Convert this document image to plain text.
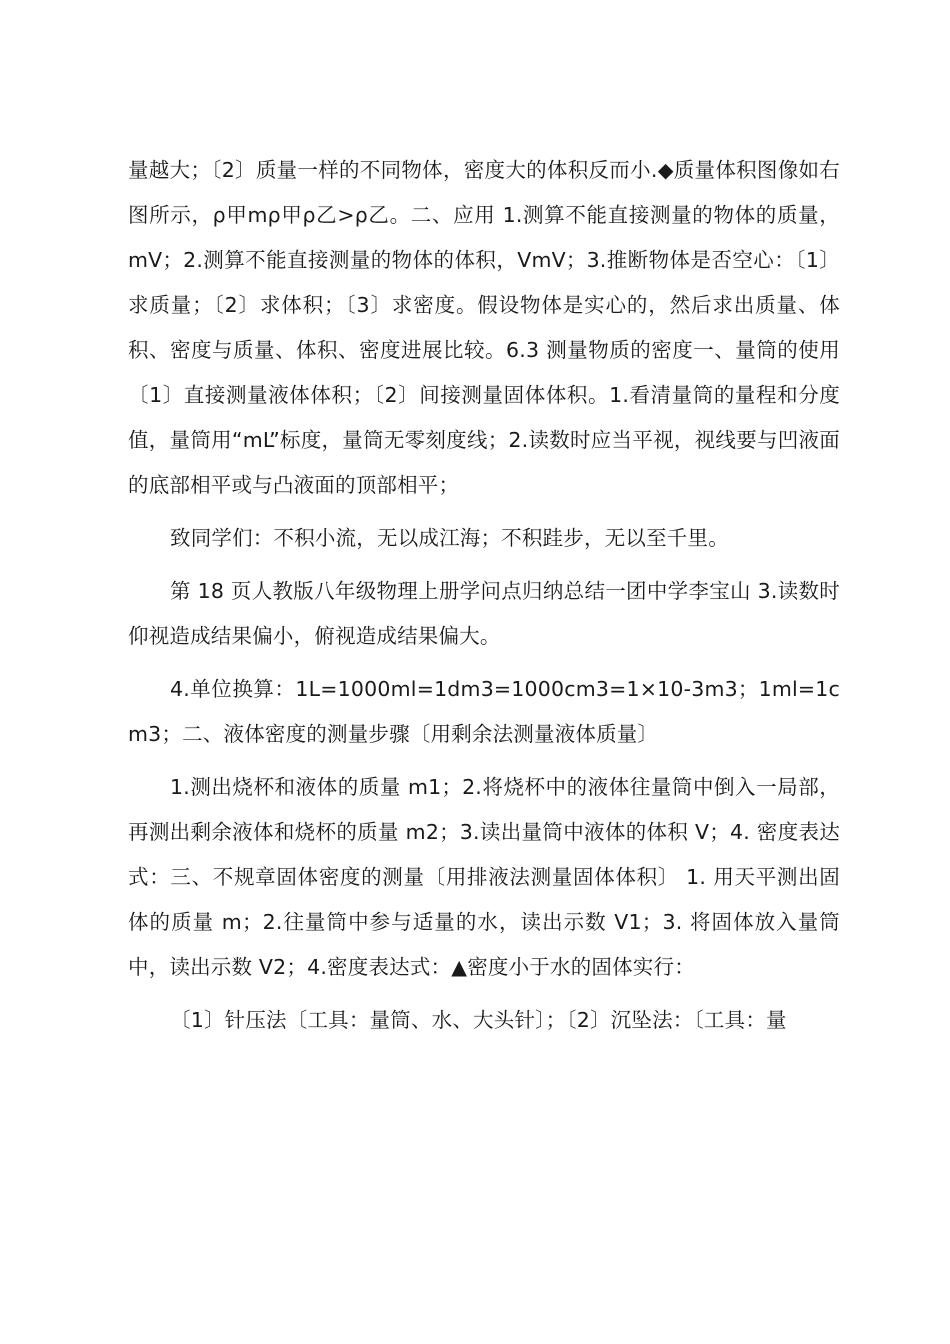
量越大；〔2〕质量一样的不同物体，密度大的体积反而小.◆质量体积图像如右图所示，ρ甲mρ甲ρ乙>ρ乙。二、应用 1.测算不能直接测量的物体的质量，mV；2.测算不能直接测量的物体的体积，VmV；3.推断物体是否空心：〔1〕求质量；〔2〕求体积；〔3〕求密度。假设物体是实心的，然后求出质量、体积、密度与质量、体积、密度进展比较。6.3 测量物质的密度一、量筒的使用〔1〕直接测量液体体积；〔2〕间接测量固体体积。1.看清量筒的量程和分度值，量筒用“mL”标度，量筒无零刻度线；2.读数时应当平视，视线要与凹液面的底部相平或与凸液面的顶部相平；

致同学们：不积小流，无以成江海；不积跬步，无以至千里。

第 18 页人教版八年级物理上册学问点归纳总结一团中学李宝山 3.读数时仰视造成结果偏小，俯视造成结果偏大。

4.单位换算：1L=1000ml=1dm3=1000cm3=1×10-3m3；1ml=1cm3；二、液体密度的测量步骤〔用剩余法测量液体质量〕

1.测出烧杯和液体的质量 m1；2.将烧杯中的液体往量筒中倒入一局部，再测出剩余液体和烧杯的质量 m2；3.读出量筒中液体的体积 V；4. 密度表达式：三、不规章固体密度的测量〔用排液法测量固体体积〕 1. 用天平测出固体的质量 m；2.往量筒中参与适量的水，读出示数 V1；3. 将固体放入量筒中，读出示数 V2；4.密度表达式：▲密度小于水的固体实行：

〔1〕针压法〔工具：量筒、水、大头针〕；〔2〕沉坠法：〔工具：量
